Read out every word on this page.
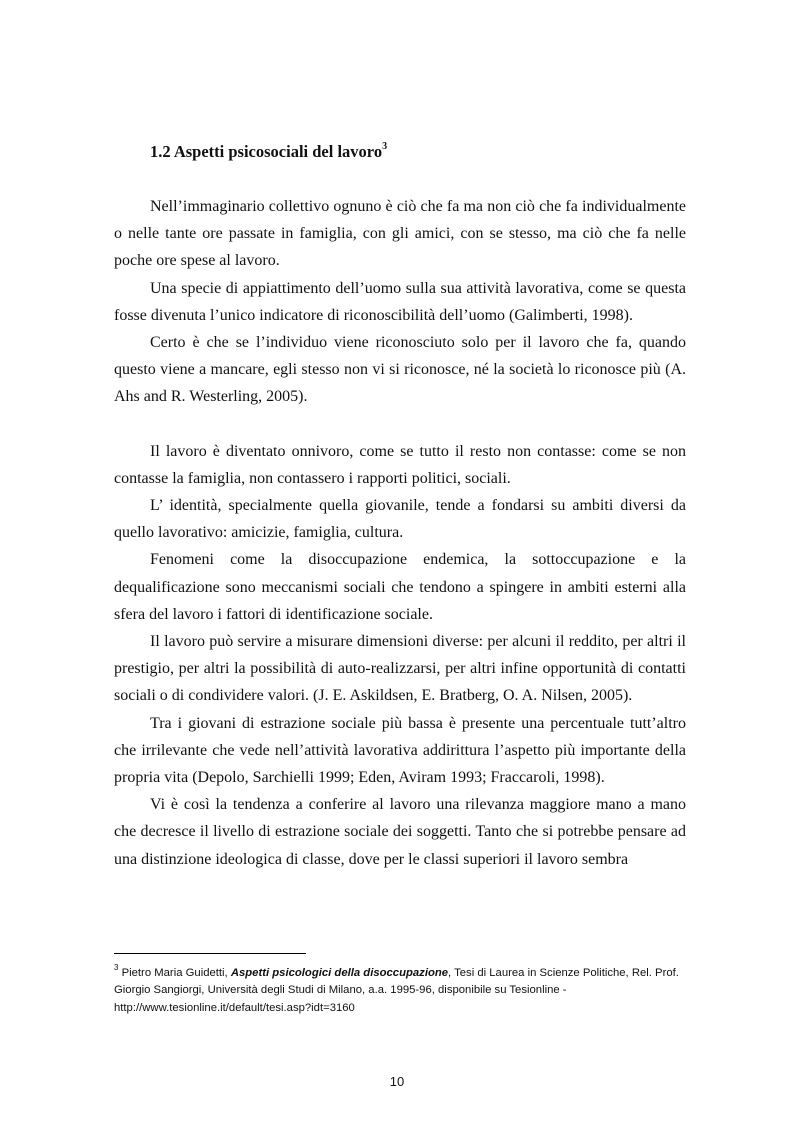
1.2 Aspetti psicosociali del lavoro$^3$

Nell’immaginario collettivo ognuno è ciò che fa ma non ciò che fa individualmente o nelle tante ore passate in famiglia, con gli amici, con se stesso, ma ciò che fa nelle poche ore spese al lavoro.

Una specie di appiattimento dell’uomo sulla sua attività lavorativa, come se questa fosse divenuta l’unico indicatore di riconoscibilità dell’uomo (Galimberti, 1998).

Certo è che se l’individuo viene riconosciuto solo per il lavoro che fa, quando questo viene a mancare, egli stesso non vi si riconosce, né la società lo riconosce più (A. Ahs and R. Westerling, 2005).

Il lavoro è diventato onnivoro, come se tutto il resto non contasse: come se non contasse la famiglia, non contassero i rapporti politici, sociali.

L’ identità, specialmente quella giovanile, tende a fondarsi su ambiti diversi da quello lavorativo: amicizie, famiglia, cultura.

Fenomeni come la disoccupazione endemica, la sottoccupazione e la dequalificazione sono meccanismi sociali che tendono a spingere in ambiti esterni alla sfera del lavoro i fattori di identificazione sociale.

Il lavoro può servire a misurare dimensioni diverse: per alcuni il reddito, per altri il prestigio, per altri la possibilità di auto-realizzarsi, per altri infine opportunità di contatti sociali o di condividere valori. (J. E. Askildsen, E. Bratberg, O. A. Nilsen, 2005).

Tra i giovani di estrazione sociale più bassa è presente una percentuale tutt’altro che irrilevante che vede nell’attività lavorativa addirittura l’aspetto più importante della propria vita (Depolo, Sarchielli 1999; Eden, Aviram 1993; Fraccaroli, 1998).

Vi è così la tendenza a conferire al lavoro una rilevanza maggiore mano a mano che decresce il livello di estrazione sociale dei soggetti. Tanto che si potrebbe pensare ad una distinzione ideologica di classe, dove per le classi superiori il lavoro sembra

$^3$ Pietro Maria Guidetti, Aspetti psicologici della disoccupazione, Tesi di Laurea in Scienze Politiche, Rel. Prof. Giorgio Sangiorgi, Università degli Studi di Milano, a.a. 1995-96, disponibile su Tesionline - http://www.tesionline.it/default/tesi.asp?idt=3160
10
